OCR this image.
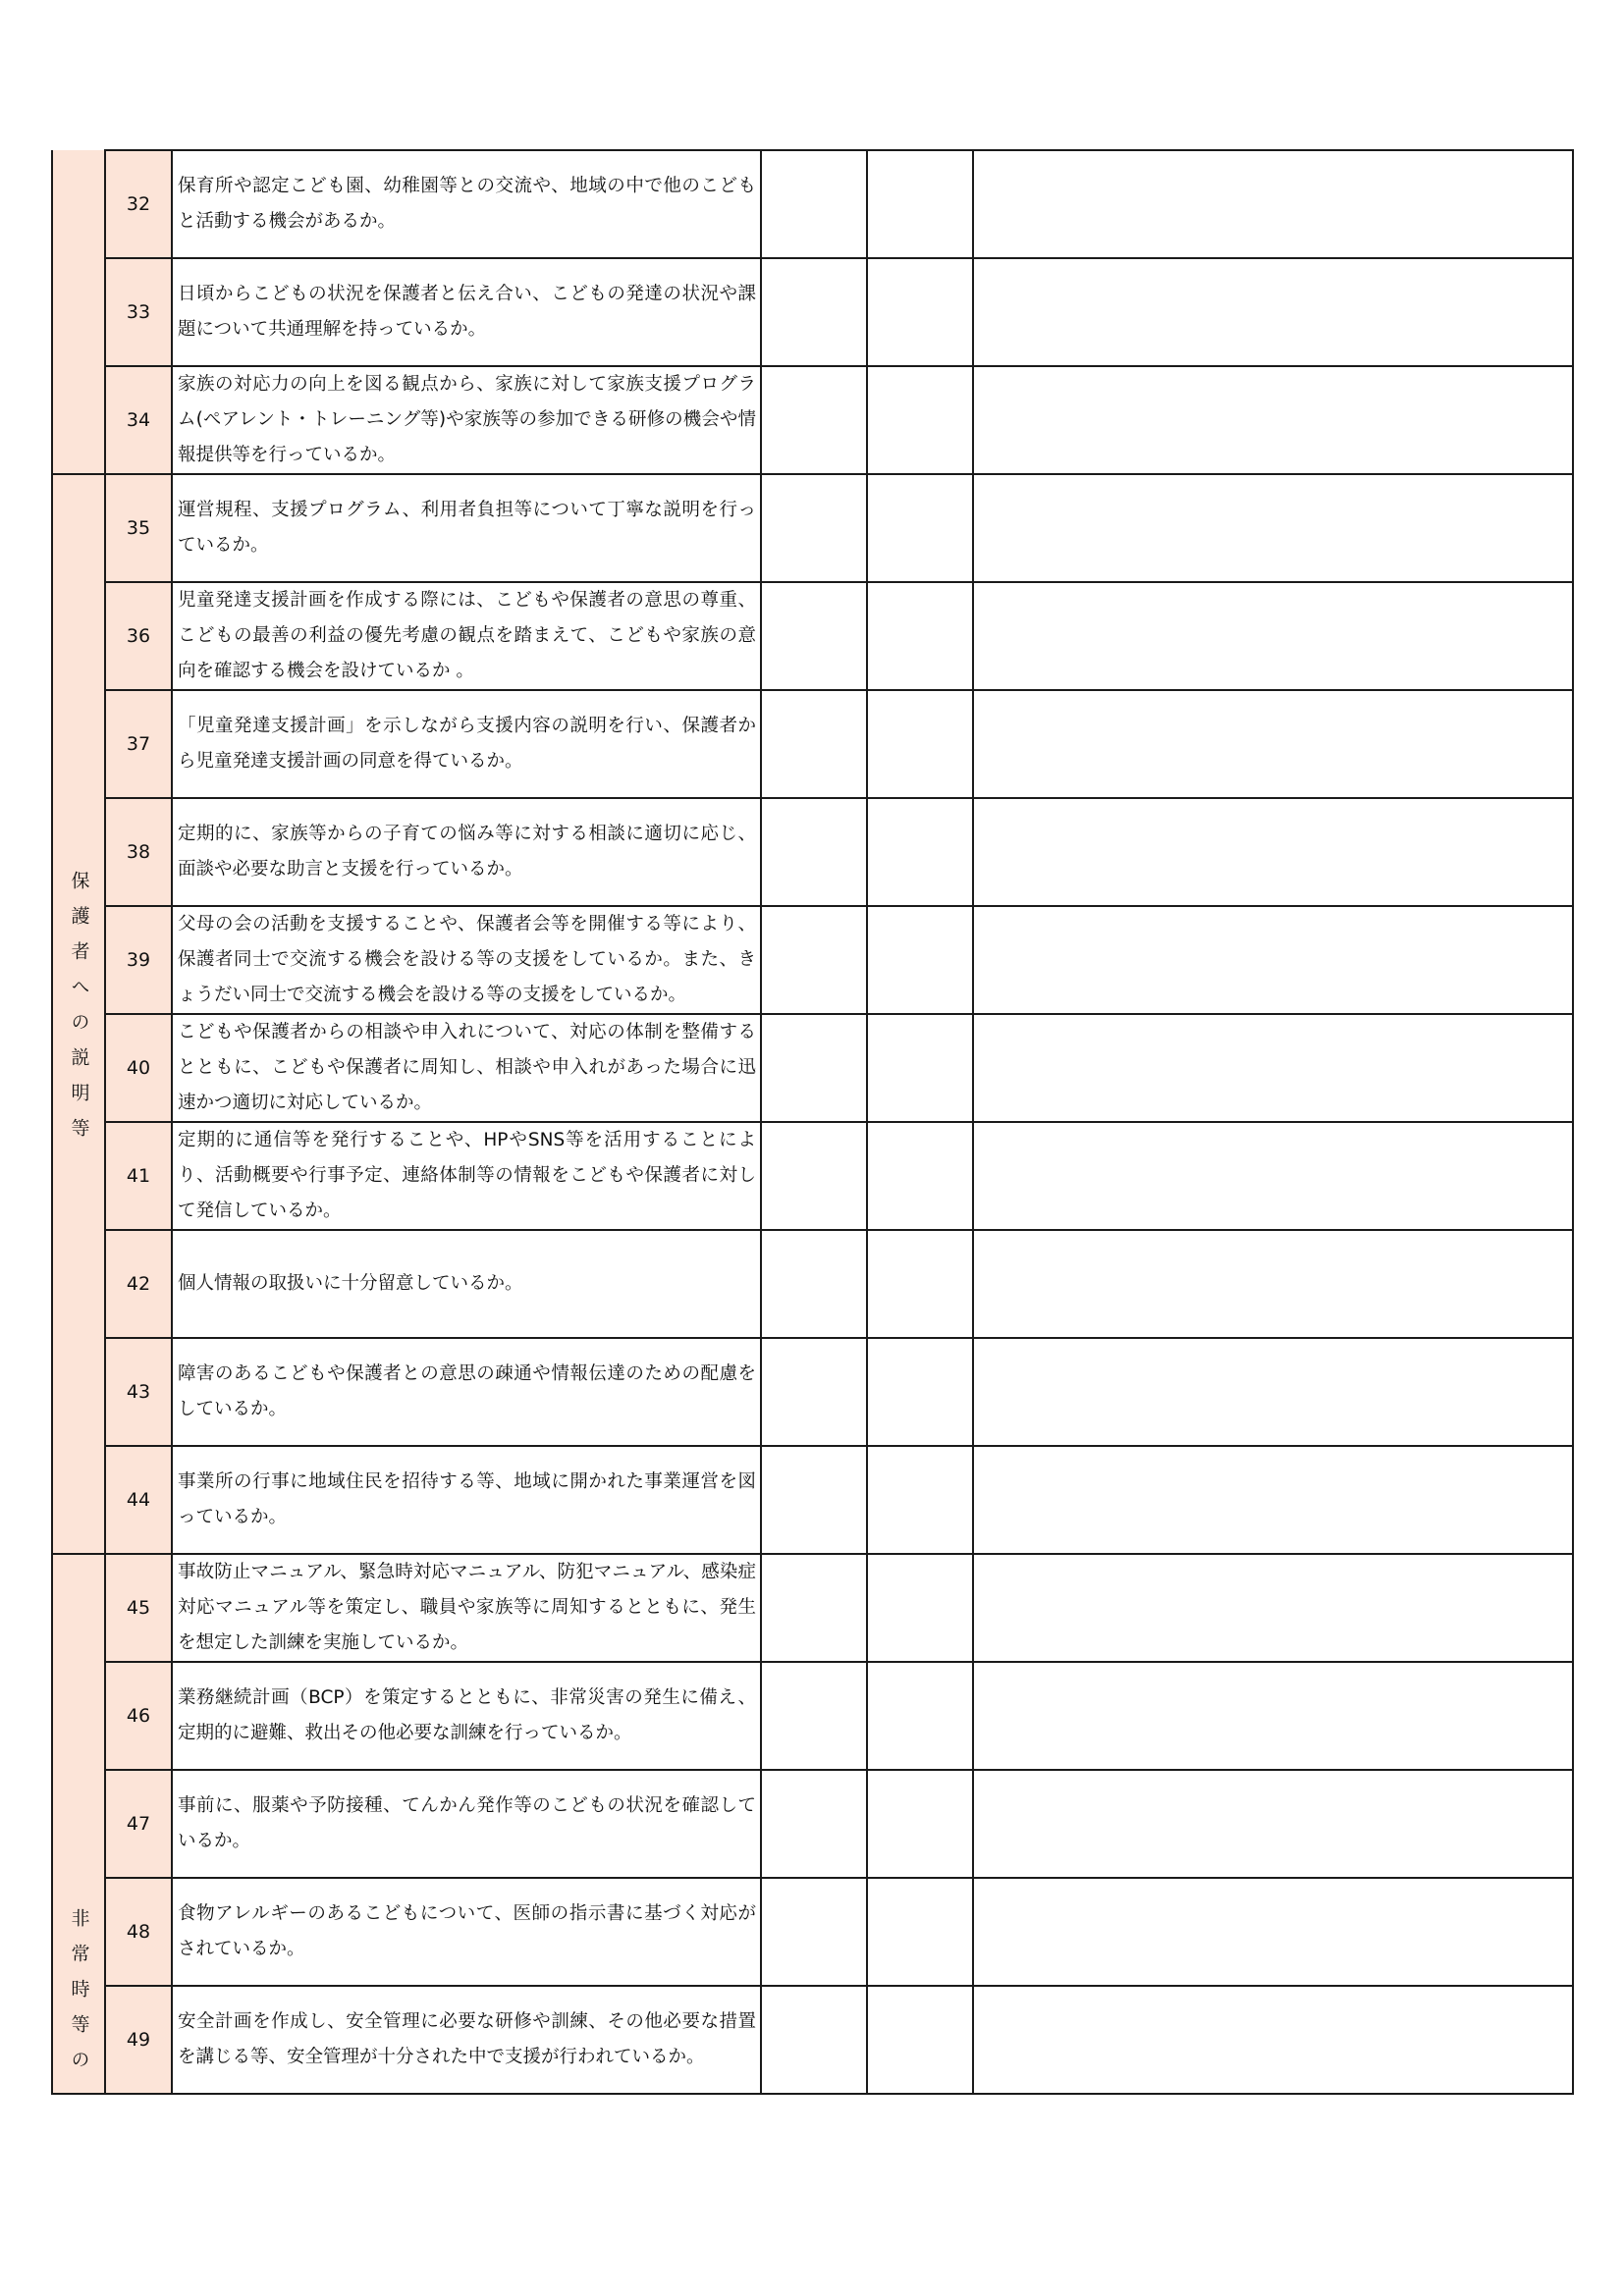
	32	保育所や認定こども園、幼稚園等との交流や、地域の中で他のこどもと活動する機会があるか。			
	33	日頃からこどもの状況を保護者と伝え合い、こどもの発達の状況や課題について共通理解を持っているか。			
	34	家族の対応力の向上を図る観点から、家族に対して家族支援プログラム(ペアレント・トレーニング等)や家族等の参加できる研修の機会や情報提供等を行っているか。			
保護者への説明等	35	運営規程、支援プログラム、利用者負担等について丁寧な説明を行っているか。			
	36	児童発達支援計画を作成する際には、こどもや保護者の意思の尊重、こどもの最善の利益の優先考慮の観点を踏まえて、こどもや家族の意向を確認する機会を設けているか 。			
	37	「児童発達支援計画」を示しながら支援内容の説明を行い、保護者から児童発達支援計画の同意を得ているか。			
	38	定期的に、家族等からの子育ての悩み等に対する相談に適切に応じ、面談や必要な助言と支援を行っているか。			
	39	父母の会の活動を支援することや、保護者会等を開催する等により、保護者同士で交流する機会を設ける等の支援をしているか。また、きょうだい同士で交流する機会を設ける等の支援をしているか。			
	40	こどもや保護者からの相談や申入れについて、対応の体制を整備するとともに、こどもや保護者に周知し、相談や申入れがあった場合に迅速かつ適切に対応しているか。			
	41	定期的に通信等を発行することや、HPやSNS等を活用することにより、活動概要や行事予定、連絡体制等の情報をこどもや保護者に対して発信しているか。			
	42	個人情報の取扱いに十分留意しているか。			
	43	障害のあるこどもや保護者との意思の疎通や情報伝達のための配慮をしているか。			
	44	事業所の行事に地域住民を招待する等、地域に開かれた事業運営を図っているか。			
非常時等の	45	事故防止マニュアル、緊急時対応マニュアル、防犯マニュアル、感染症対応マニュアル等を策定し、職員や家族等に周知するとともに、発生を想定した訓練を実施しているか。			
	46	業務継続計画（BCP）を策定するとともに、非常災害の発生に備え、定期的に避難、救出その他必要な訓練を行っているか。			
	47	事前に、服薬や予防接種、てんかん発作等のこどもの状況を確認しているか。			
	48	食物アレルギーのあるこどもについて、医師の指示書に基づく対応がされているか。			
	49	安全計画を作成し、安全管理に必要な研修や訓練、その他必要な措置を講じる等、安全管理が十分された中で支援が行われているか。			
